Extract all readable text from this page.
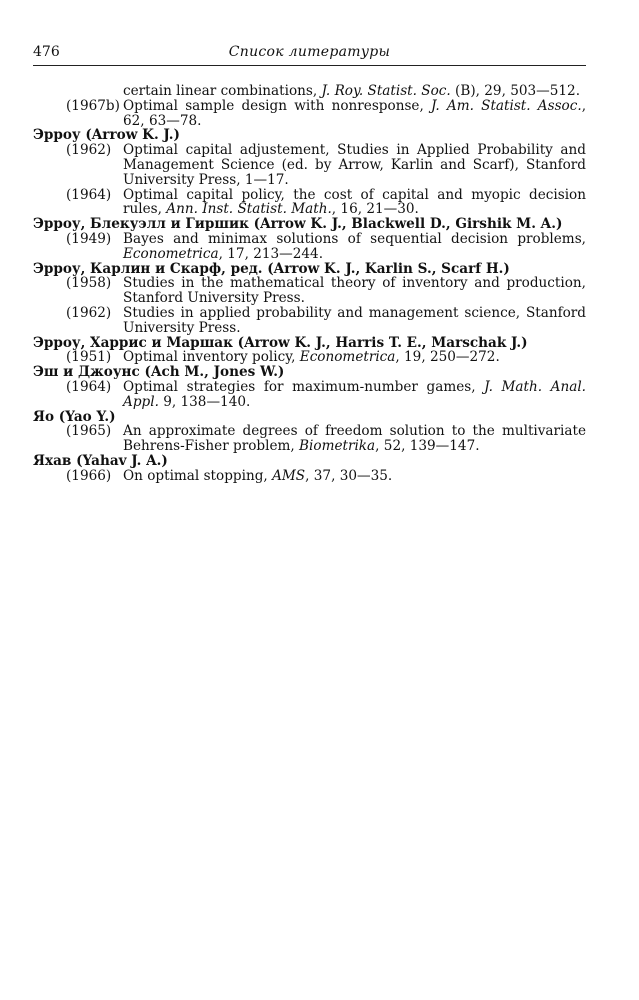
476	Список литературы
certain linear combinations, J. Roy. Statist. Soc. (B), 29, 503—512.
(1967b) Optimal sample design with nonresponse, J. Am. Statist. Assoc., 62, 63—78.
Эрроу (Arrow K. J.)
(1962) Optimal capital adjustement, Studies in Applied Probability and Management Science (ed. by Arrow, Karlin and Scarf), Stanford University Press, 1—17.
(1964) Optimal capital policy, the cost of capital and myopic decision rules, Ann. Inst. Statist. Math., 16, 21—30.
Эрроу, Блекуэлл и Гиршик (Arrow K. J., Blackwell D., Girshik M. A.)
(1949) Bayes and minimax solutions of sequential decision problems, Econometrica, 17, 213—244.
Эрроу, Карлин и Скарф, ред. (Arrow K. J., Karlin S., Scarf H.)
(1958) Studies in the mathematical theory of inventory and production, Stanford University Press.
(1962) Studies in applied probability and management science, Stanford University Press.
Эрроу, Харрис и Маршак (Arrow K. J., Harris T. E., Marschak J.)
(1951) Optimal inventory policy, Econometrica, 19, 250—272.
Эш и Джоунс (Ach M., Jones W.)
(1964) Optimal strategies for maximum-number games, J. Math. Anal. Appl. 9, 138—140.
Яо (Yao Y.)
(1965) An approximate degrees of freedom solution to the multivariate Behrens-Fisher problem, Biometrika, 52, 139—147.
Яхав (Yahav J. A.)
(1966) On optimal stopping, AMS, 37, 30—35.
